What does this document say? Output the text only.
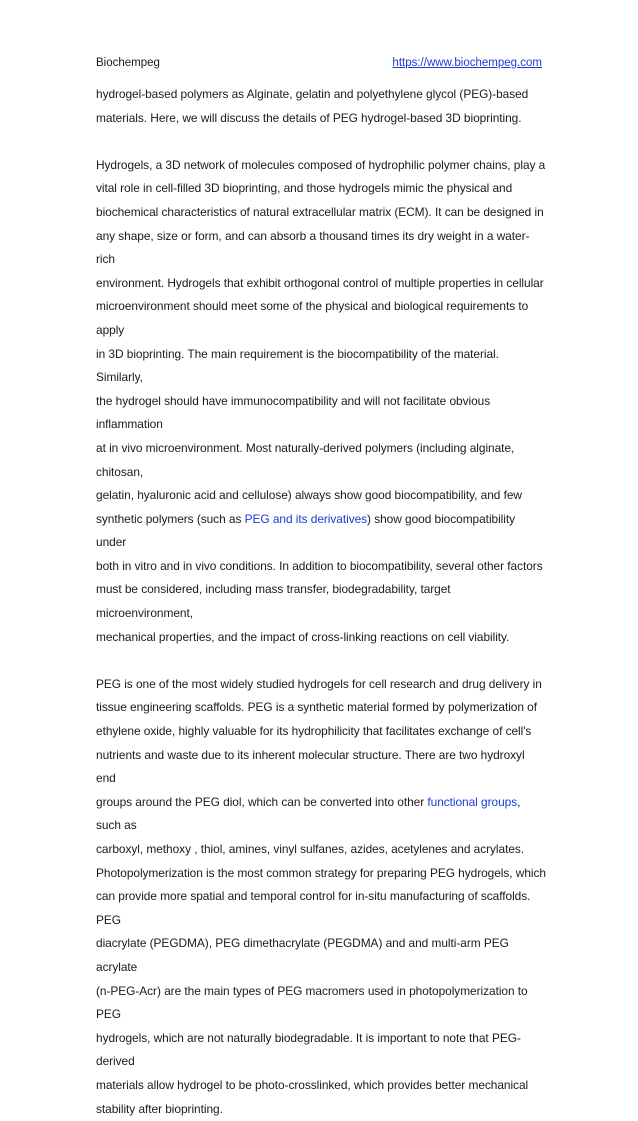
Biochempeg	https://www.biochempeg.com

hydrogel-based polymers as Alginate, gelatin and polyethylene glycol (PEG)-based
materials. Here, we will discuss the details of PEG hydrogel-based 3D bioprinting.

Hydrogels, a 3D network of molecules composed of hydrophilic polymer chains, play a
vital role in cell-filled 3D bioprinting, and those hydrogels mimic the physical and
biochemical characteristics of natural extracellular matrix (ECM). It can be designed in
any shape, size or form, and can absorb a thousand times its dry weight in a water-rich
environment. Hydrogels that exhibit orthogonal control of multiple properties in cellular
microenvironment should meet some of the physical and biological requirements to apply
in 3D bioprinting. The main requirement is the biocompatibility of the material. Similarly,
the hydrogel should have immunocompatibility and will not facilitate obvious inflammation
at in vivo microenvironment. Most naturally-derived polymers (including alginate, chitosan,
gelatin, hyaluronic acid and cellulose) always show good biocompatibility, and few
synthetic polymers (such as PEG and its derivatives) show good biocompatibility under
both in vitro and in vivo conditions. In addition to biocompatibility, several other factors
must be considered, including mass transfer, biodegradability, target microenvironment,
mechanical properties, and the impact of cross-linking reactions on cell viability.

PEG is one of the most widely studied hydrogels for cell research and drug delivery in
tissue engineering scaffolds. PEG is a synthetic material formed by polymerization of
ethylene oxide, highly valuable for its hydrophilicity that facilitates exchange of cell's
nutrients and waste due to its inherent molecular structure. There are two hydroxyl end
groups around the PEG diol, which can be converted into other functional groups, such as
carboxyl, methoxy , thiol, amines, vinyl sulfanes, azides, acetylenes and acrylates.
Photopolymerization is the most common strategy for preparing PEG hydrogels, which
can provide more spatial and temporal control for in-situ manufacturing of scaffolds. PEG
diacrylate (PEGDMA), PEG dimethacrylate (PEGDMA) and and multi-arm PEG acrylate
(n-PEG-Acr) are the main types of PEG macromers used in photopolymerization to PEG
hydrogels, which are not naturally biodegradable. It is important to note that PEG-derived
materials allow hydrogel to be photo-crosslinked, which provides better mechanical
stability after bioprinting.
